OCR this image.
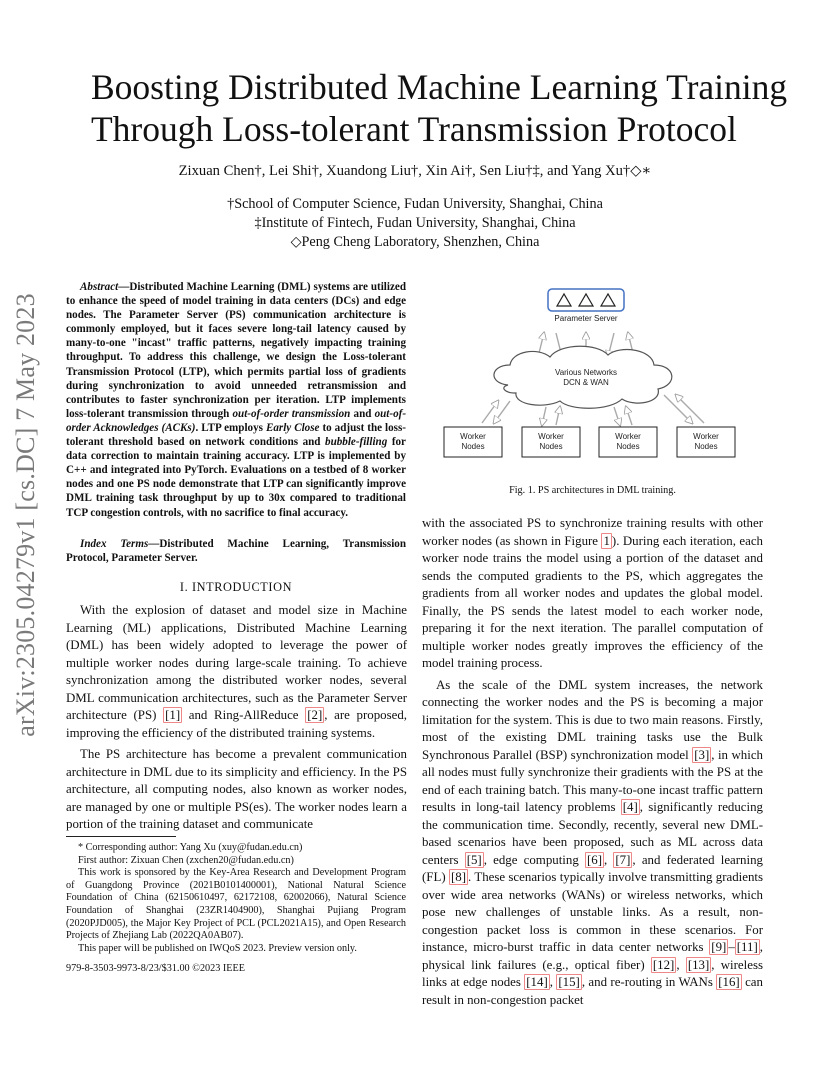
arXiv:2305.04279v1 [cs.DC] 7 May 2023
Boosting Distributed Machine Learning Training
Through Loss-tolerant Transmission Protocol
Zixuan Chen†, Lei Shi†, Xuandong Liu†, Xin Ai†, Sen Liu†‡, and Yang Xu†◇∗
†School of Computer Science, Fudan University, Shanghai, China
‡Institute of Fintech, Fudan University, Shanghai, China
◇Peng Cheng Laboratory, Shenzhen, China
Abstract—Distributed Machine Learning (DML) systems are utilized to enhance the speed of model training in data centers (DCs) and edge nodes. The Parameter Server (PS) communication architecture is commonly employed, but it faces severe long-tail latency caused by many-to-one "incast" traffic patterns, negatively impacting training throughput. To address this challenge, we design the Loss-tolerant Transmission Protocol (LTP), which permits partial loss of gradients during synchronization to avoid unneeded retransmission and contributes to faster synchronization per iteration. LTP implements loss-tolerant transmission through out-of-order transmission and out-of-order Acknowledges (ACKs). LTP employs Early Close to adjust the loss-tolerant threshold based on network conditions and bubble-filling for data correction to maintain training accuracy. LTP is implemented by C++ and integrated into PyTorch. Evaluations on a testbed of 8 worker nodes and one PS node demonstrate that LTP can significantly improve DML training task throughput by up to 30x compared to traditional TCP congestion controls, with no sacrifice to final accuracy.
Index Terms—Distributed Machine Learning, Transmission Protocol, Parameter Server.
I. INTRODUCTION

With the explosion of dataset and model size in Machine Learning (ML) applications, Distributed Machine Learning (DML) has been widely adopted to leverage the power of multiple worker nodes during large-scale training. To achieve synchronization among the distributed worker nodes, several DML communication architectures, such as the Parameter Server architecture (PS) [1] and Ring-AllReduce [2] , are proposed, improving the efficiency of the distributed training systems.

The PS architecture has become a prevalent communication architecture in DML due to its simplicity and efficiency. In the PS architecture, all computing nodes, also known as worker nodes, are managed by one or multiple PS(es). The worker nodes learn a portion of the training dataset and communicate

* Corresponding author: Yang Xu (xuy@fudan.edu.cn)

First author: Zixuan Chen (zxchen20@fudan.edu.cn)

This work is sponsored by the Key-Area Research and Development Program of Guangdong Province (2021B0101400001), National Natural Science Foundation of China (62150610497, 62172108, 62002066), Natural Science Foundation of Shanghai (23ZR1404900), Shanghai Pujiang Program (2020PJD005), the Major Key Project of PCL (PCL2021A15), and Open Research Projects of Zhejiang Lab (2022QA0AB07).

This paper will be published on IWQoS 2023. Preview version only.

979-8-3503-9973-8/23/$31.00 ©2023 IEEE
Parameter Server
Various Networks
DCN & WAN
Worker
Nodes
Worker
Nodes
Worker
Nodes
Worker
Nodes
Fig. 1. PS architectures in DML training.

with the associated PS to synchronize training results with other worker nodes (as shown in Figure 1 ). During each iteration, each worker node trains the model using a portion of the dataset and sends the computed gradients to the PS, which aggregates the gradients from all worker nodes and updates the global model. Finally, the PS sends the latest model to each worker node, preparing it for the next iteration. The parallel computation of multiple worker nodes greatly improves the efficiency of the model training process.

As the scale of the DML system increases, the network connecting the worker nodes and the PS is becoming a major limitation for the system. This is due to two main reasons. Firstly, most of the existing DML training tasks use the Bulk Synchronous Parallel (BSP) synchronization model [3] , in which all nodes must fully synchronize their gradients with the PS at the end of each training batch. This many-to-one incast traffic pattern results in long-tail latency problems [4] , significantly reducing the communication time. Secondly, recently, several new DML-based scenarios have been proposed, such as ML across data centers [5] , edge computing [6] , [7] , and federated learning (FL) [8] . These scenarios typically involve transmitting gradients over wide area networks (WANs) or wireless networks, which pose new challenges of unstable links. As a result, non-congestion packet loss is common in these scenarios. For instance, micro-burst traffic in data center networks [9] – [11] , physical link failures (e.g., optical fiber) [12] , [13] , wireless links at edge nodes [14] , [15] , and re-routing in WANs [16] can result in non-congestion packet
